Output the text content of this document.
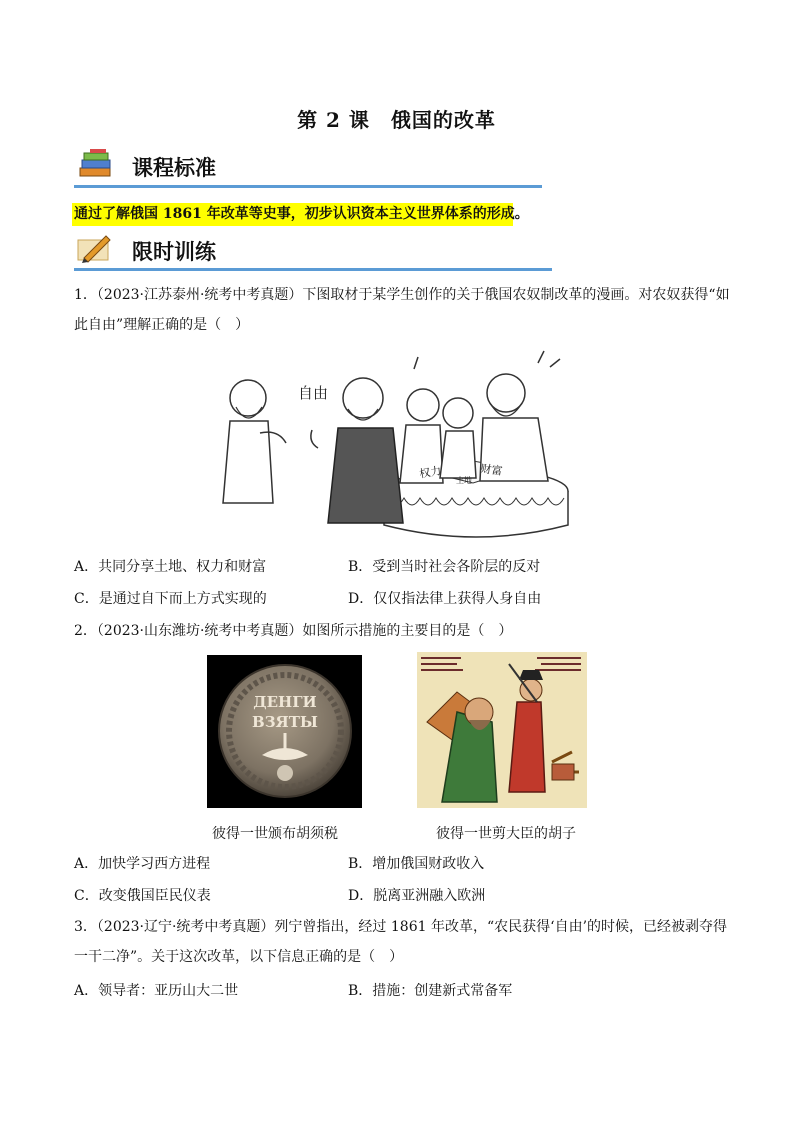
第 2 课　俄国的改革
课程标准
通过了解俄国 1861 年改革等史事，初步认识资本主义世界体系的形成。
限时训练
1．（2023·江苏泰州·统考中考真题）下图取材于某学生创作的关于俄国农奴制改革的漫画。对农奴获得“如此自由”理解正确的是（　）
自由
权力	财富
土地
A．共同分享土地、权力和财富	B．受到当时社会各阶层的反对
C．是通过自下而上方式实现的	D．仅仅指法律上获得人身自由
2．（2023·山东潍坊·统考中考真题）如图所示措施的主要目的是（　）
ДЕНГИ
ВЗЯТЫ
彼得一世颁布胡须税	彼得一世剪大臣的胡子
A．加快学习西方进程	B．增加俄国财政收入
C．改变俄国臣民仪表	D．脱离亚洲融入欧洲
3．（2023·辽宁·统考中考真题）列宁曾指出，经过 1861 年改革，“农民获得‘自由’的时候，已经被剥夺得一干二净”。关于这次改革，以下信息正确的是（　）
A．领导者：亚历山大二世	B．措施：创建新式常备军
